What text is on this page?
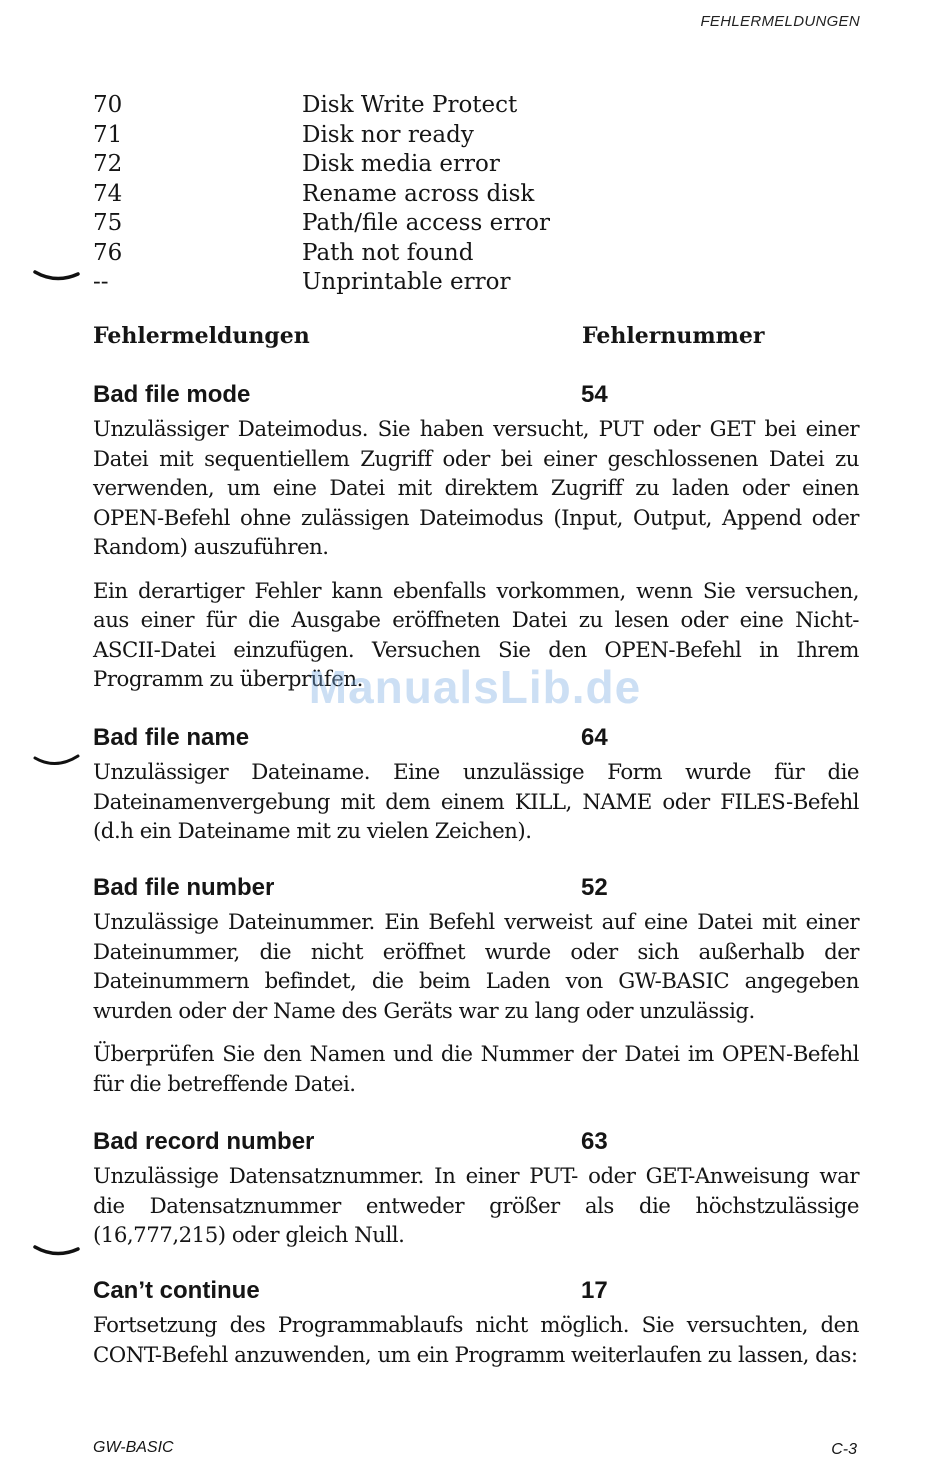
FEHLERMELDUNGEN
70	Disk Write Protect
71	Disk nor ready
72	Disk media error
74	Rename across disk
75	Path/file access error
76	Path not found
--	Unprintable error
Fehlermeldungen	Fehlernummer
Bad file mode	54

Unzulässiger Dateimodus. Sie haben versucht, PUT oder GET bei einer Datei mit sequentiellem Zugriff oder bei einer geschlossenen Datei zu verwenden, um eine Datei mit direktem Zugriff zu laden oder einen OPEN-Befehl ohne zulässigen Dateimodus (Input, Output, Append oder Random) auszuführen.

Ein derartiger Fehler kann ebenfalls vorkommen, wenn Sie versuchen, aus einer für die Ausgabe eröffneten Datei zu lesen oder eine Nicht-ASCII-Datei einzufügen. Versuchen Sie den OPEN-Befehl in Ihrem Programm zu überprüfen.

Bad file name	64

Unzulässiger Dateiname. Eine unzulässige Form wurde für die Dateinamenvergebung mit dem einem KILL, NAME oder FILES-Befehl (d.h ein Dateiname mit zu vielen Zeichen).

Bad file number	52

Unzulässige Dateinummer. Ein Befehl verweist auf eine Datei mit einer Dateinummer, die nicht eröffnet wurde oder sich außerhalb der Dateinummern befindet, die beim Laden von GW-BASIC angegeben wurden oder der Name des Geräts war zu lang oder unzulässig.

Überprüfen Sie den Namen und die Nummer der Datei im OPEN-Befehl für die betreffende Datei.

Bad record number	63

Unzulässige Datensatznummer. In einer PUT- oder GET-Anweisung war die Datensatznummer entweder größer als die höchstzulässige (16,777,215) oder gleich Null.

Can’t continue	17

Fortsetzung des Programmablaufs nicht möglich. Sie versuchten, den CONT-Befehl anzuwenden, um ein Programm weiterlaufen zu lassen, das:

ManualsLib.de
GW-BASIC	C-3
